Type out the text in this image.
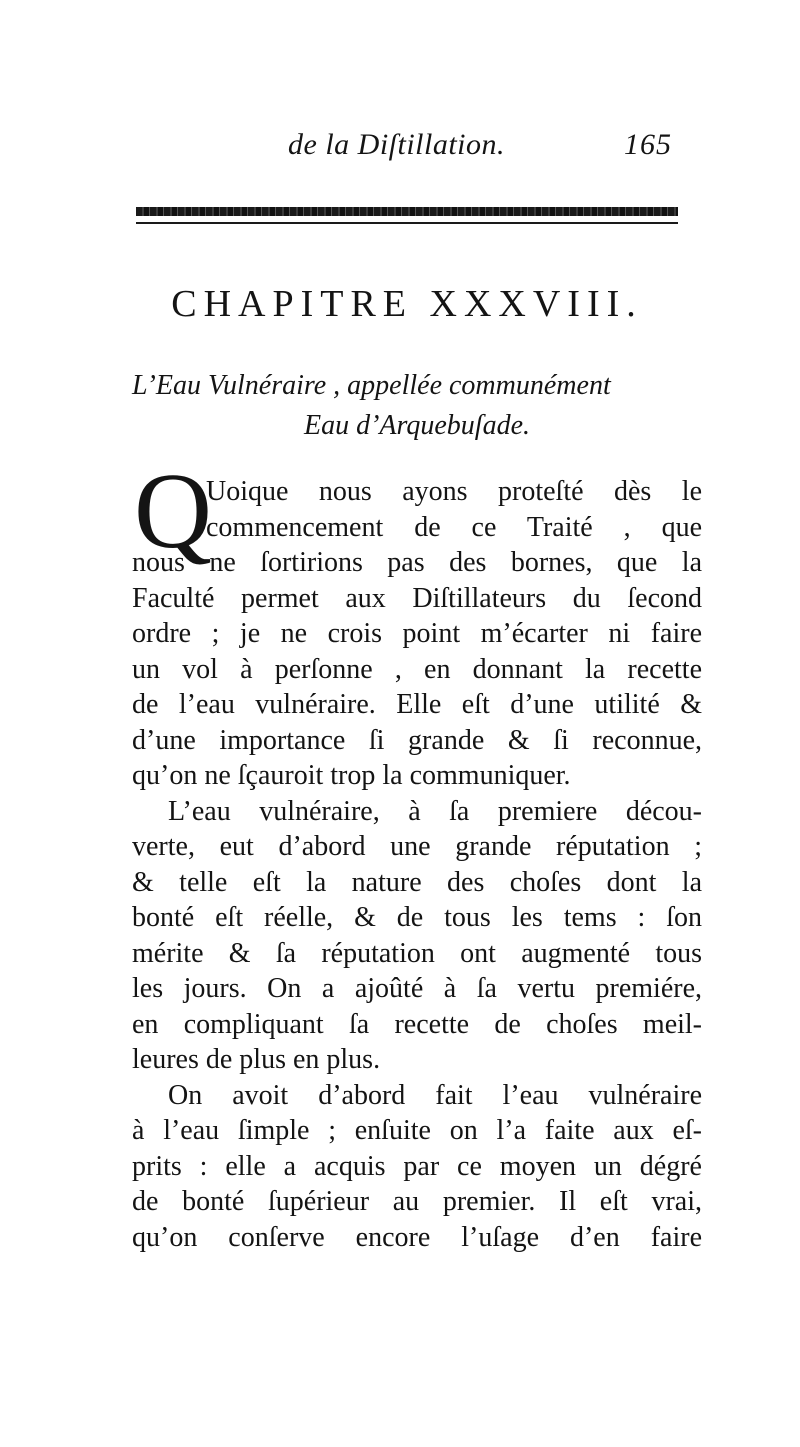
de la Diſtillation.	165
CHAPITRE XXXVIII.
L’Eau Vulnéraire , appellée communément
Eau d’Arquebuſade.
Q
Uoique nous ayons proteſté dès le
commencement de ce Traité , que
nous ne ſortirions pas des bornes, que la
Faculté permet aux Diſtillateurs du ſecond
ordre ; je ne crois point m’écarter ni faire
un vol à perſonne , en donnant la recette
de l’eau vulnéraire. Elle eſt d’une utilité &
d’une importance ſi grande & ſi reconnue,
qu’on ne ſçauroit trop la communiquer.
L’eau vulnéraire, à ſa premiere décou-
verte, eut d’abord une grande réputation ;
& telle eſt la nature des choſes dont la
bonté eſt réelle, & de tous les tems : ſon
mérite & ſa réputation ont augmenté tous
les jours. On a ajoûté à ſa vertu premiére,
en compliquant ſa recette de choſes meil-
leures de plus en plus.
On avoit d’abord fait l’eau vulnéraire
à l’eau ſimple ; enſuite on l’a faite aux eſ-
prits : elle a acquis par ce moyen un dégré
de bonté ſupérieur au premier. Il eſt vrai,
qu’on conſerve encore l’uſage d’en faire
